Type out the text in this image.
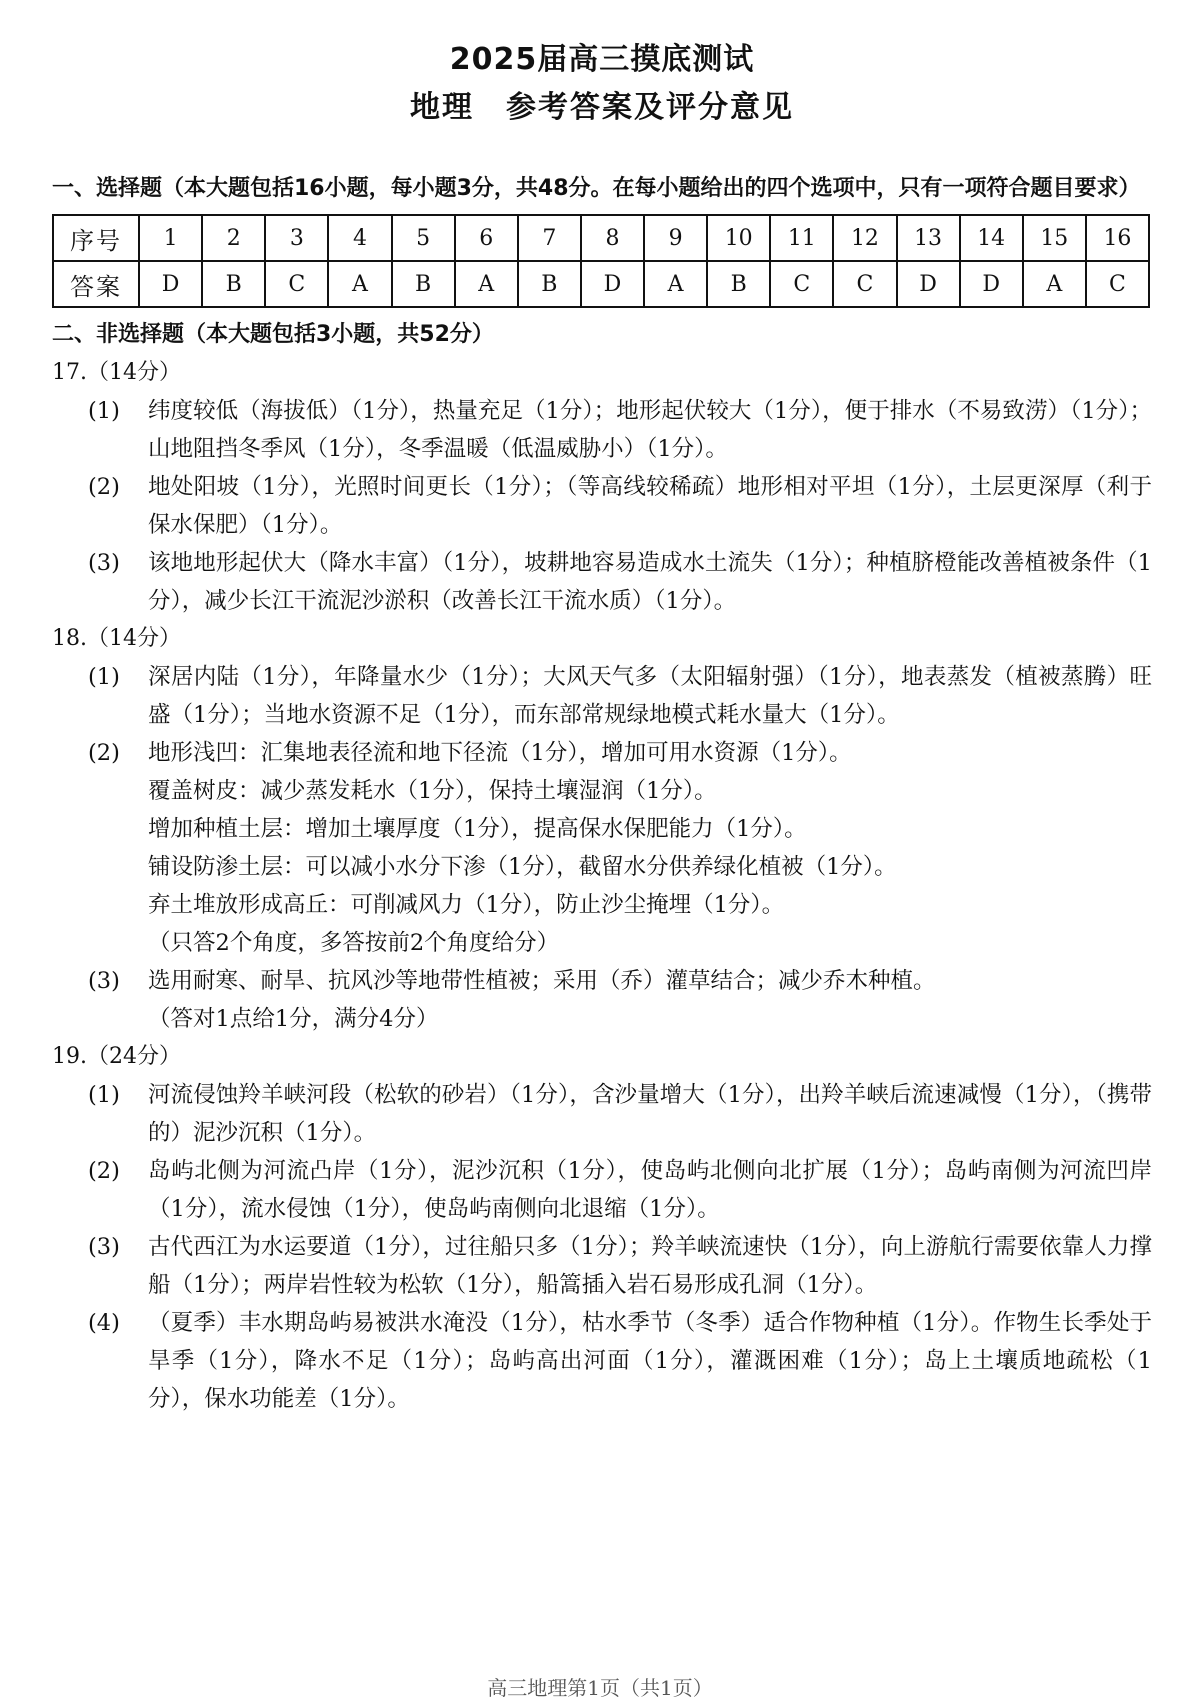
2025届高三摸底测试
地理　参考答案及评分意见
一、选择题（本大题包括16小题，每小题3分，共48分。在每小题给出的四个选项中，只有一项符合题目要求）
序号	1	2	3	4	5	6	7	8	9	10	11	12	13	14	15	16
答案	D	B	C	A	B	A	B	D	A	B	C	C	D	D	A	C
二、非选择题（本大题包括3小题，共52分）
17.（14分）
(1) 纬度较低（海拔低）（1分），热量充足（1分）；地形起伏较大（1分），便于排水（不易致涝）（1分）；山地阻挡冬季风（1分），冬季温暖（低温威胁小）（1分）。
(2) 地处阳坡（1分），光照时间更长（1分）；（等高线较稀疏）地形相对平坦（1分），土层更深厚（利于保水保肥）（1分）。
(3) 该地地形起伏大（降水丰富）（1分），坡耕地容易造成水土流失（1分）；种植脐橙能改善植被条件（1分），减少长江干流泥沙淤积（改善长江干流水质）（1分）。
18.（14分）
(1) 深居内陆（1分），年降量水少（1分）；大风天气多（太阳辐射强）（1分），地表蒸发（植被蒸腾）旺盛（1分）；当地水资源不足（1分），而东部常规绿地模式耗水量大（1分）。
(2) 地形浅凹：汇集地表径流和地下径流（1分），增加可用水资源（1分）。
覆盖树皮：减少蒸发耗水（1分），保持土壤湿润（1分）。
增加种植土层：增加土壤厚度（1分），提高保水保肥能力（1分）。
铺设防渗土层：可以减小水分下渗（1分），截留水分供养绿化植被（1分）。
弃土堆放形成高丘：可削减风力（1分），防止沙尘掩埋（1分）。
（只答2个角度，多答按前2个角度给分）
(3) 选用耐寒、耐旱、抗风沙等地带性植被；采用（乔）灌草结合；减少乔木种植。
（答对1点给1分，满分4分）
19.（24分）
(1) 河流侵蚀羚羊峡河段（松软的砂岩）（1分），含沙量增大（1分），出羚羊峡后流速减慢（1分），（携带的）泥沙沉积（1分）。
(2) 岛屿北侧为河流凸岸（1分），泥沙沉积（1分），使岛屿北侧向北扩展（1分）；岛屿南侧为河流凹岸（1分），流水侵蚀（1分），使岛屿南侧向北退缩（1分）。
(3) 古代西江为水运要道（1分），过往船只多（1分）；羚羊峡流速快（1分），向上游航行需要依靠人力撑船（1分）；两岸岩性较为松软（1分），船篙插入岩石易形成孔洞（1分）。
(4) （夏季）丰水期岛屿易被洪水淹没（1分），枯水季节（冬季）适合作物种植（1分）。作物生长季处于旱季（1分），降水不足（1分）；岛屿高出河面（1分），灌溉困难（1分）；岛上土壤质地疏松（1分），保水功能差（1分）。
高三地理第1页（共1页）
